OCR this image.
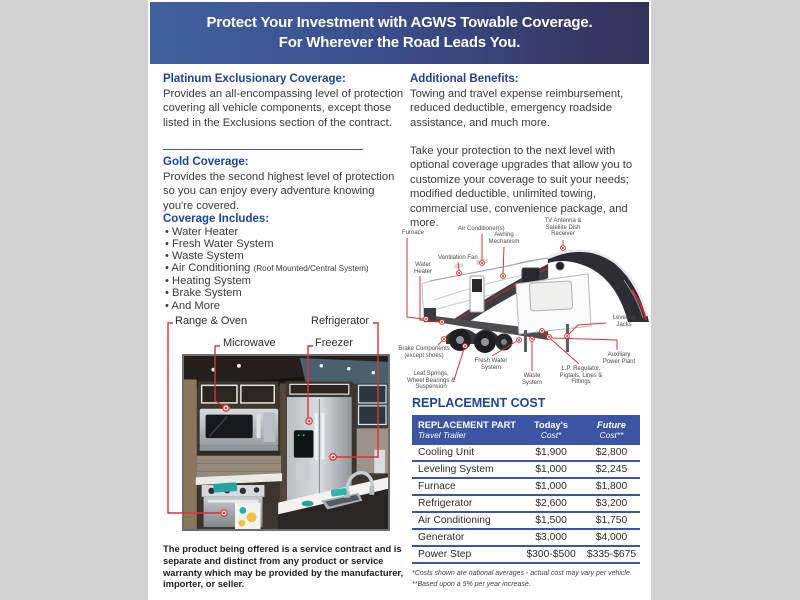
Protect Your Investment with AGWS Towable Coverage.
For Wherever the Road Leads You.
Platinum Exclusionary Coverage:
Provides an all-encompassing level of protection covering all vehicle components, except those listed in the Exclusions section of the contract.
Gold Coverage:
Provides the second highest level of protection so you can enjoy every adventure knowing you're covered.
Coverage Includes:
• Water Heater
• Fresh Water System
• Waste System
• Air Conditioning (Roof Mounted/Central System)
• Heating System
• Brake System
• And More
Range & Oven	Refrigerator
Microwave	Freezer
The product being offered is a service contract and is separate and distinct from any product or service warranty which may be provided by the manufacturer, importer, or seller.
Additional Benefits:
Towing and travel expense reimbursement, reduced deductible, emergency roadside assistance, and much more.
Take your protection to the next level with optional coverage upgrades that allow you to customize your coverage to suit your needs; modified deductible, unlimited towing, commercial use, convenience package, and more.
Furnace
Water Heater
Ventilation Fan
Air Conditioner(s)
Awning Mechanism
TV Antenna & Satellite Dish Receiver
Leveling Jacks
Auxiliary Power Plant
L.P. Regulator, Pigtails, Lines & Fittings
Waste System
Fresh Water System
Leaf Springs, Wheel Bearings & Suspension
Brake Components (except shoes)
REPLACEMENT COST
REPLACEMENT PART
Travel Trailer
Today's
Cost*
Future
Cost**
Cooling Unit	$1,900	$2,800
Leveling System	$1,000	$2,245
Furnace	$1,000	$1,800
Refrigerator	$2,600	$3,200
Air Conditioning	$1,500	$1,750
Generator	$3,000	$4,000
Power Step	$300-$500	$335-$675
*Costs shown are national averages - actual cost may vary per vehicle.
**Based upon a 5% per year increase.
